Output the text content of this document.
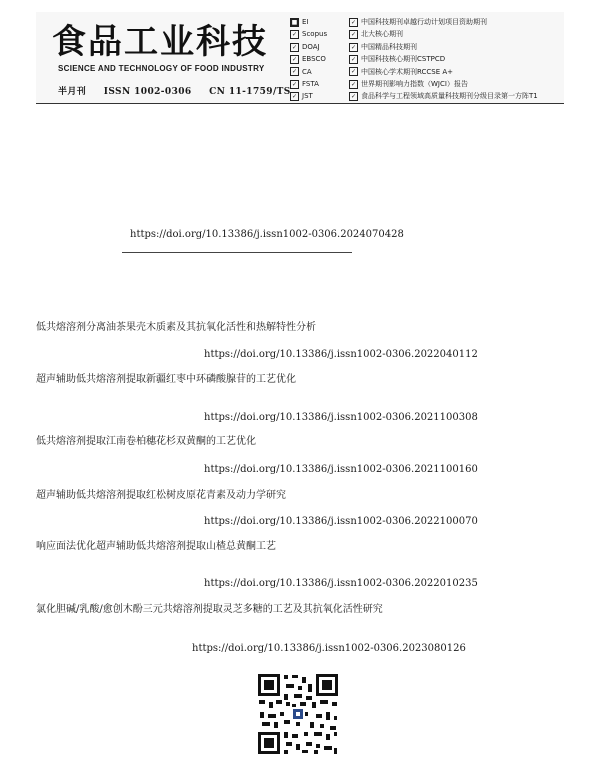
食品工业科技
SCIENCE AND TECHNOLOGY OF FOOD INDUSTRY
半月刊 ISSN 1002-0306 CN 11-1759/TS
■ EI
✓ Scopus
✓ DOAJ
✓ EBSCO
✓ CA
✓ FSTA
✓ JST
✓ 中国科技期刊卓越行动计划项目资助期刊
✓ 北大核心期刊
✓ 中国精品科技期刊
✓ 中国科技核心期刊CSTPCD
✓ 中国核心学术期刊RCCSE A+
✓ 世界期刊影响力指数（WJCI）报告
✓ 食品科学与工程领域高质量科技期刊分级目录第一方阵T1
https://doi.org/10.13386/j.issn1002-0306.2024070428
低共熔溶剂分离油茶果壳木质素及其抗氧化活性和热解特性分析
https://doi.org/10.13386/j.issn1002-0306.2022040112
超声辅助低共熔溶剂提取新疆红枣中环磷酸腺苷的工艺优化
https://doi.org/10.13386/j.issn1002-0306.2021100308
低共熔溶剂提取江南卷柏穗花杉双黄酮的工艺优化
https://doi.org/10.13386/j.issn1002-0306.2021100160
超声辅助低共熔溶剂提取红松树皮原花青素及动力学研究
https://doi.org/10.13386/j.issn1002-0306.2022100070
响应面法优化超声辅助低共熔溶剂提取山楂总黄酮工艺
https://doi.org/10.13386/j.issn1002-0306.2022010235
氯化胆碱/乳酸/愈创木酚三元共熔溶剂提取灵芝多糖的工艺及其抗氧化活性研究
https://doi.org/10.13386/j.issn1002-0306.2023080126
